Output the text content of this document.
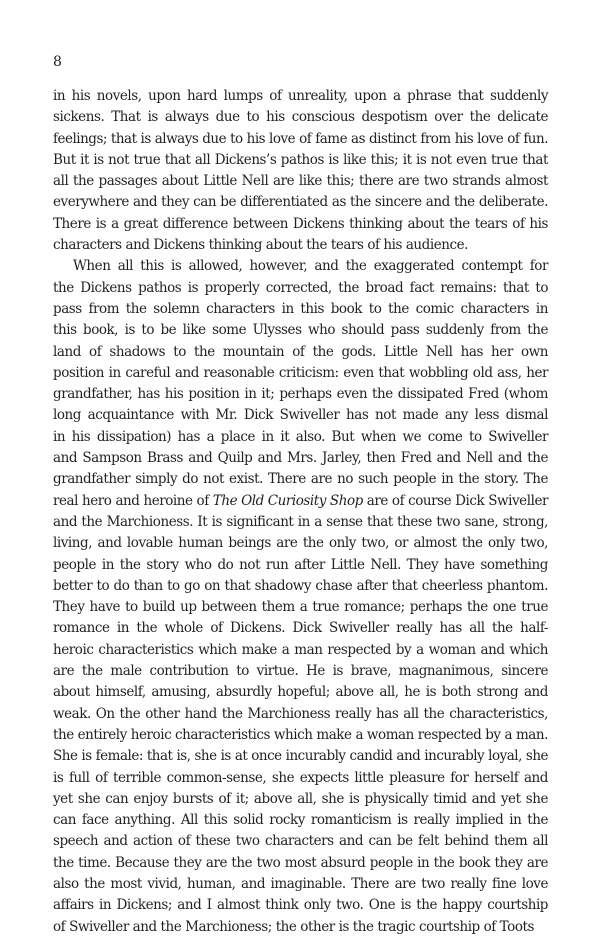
8
in his novels, upon hard lumps of unreality, upon a phrase that suddenly
sickens. That is always due to his conscious despotism over the delicate
feelings; that is always due to his love of fame as distinct from his love of fun.
But it is not true that all Dickens’s pathos is like this; it is not even true that
all the passages about Little Nell are like this; there are two strands almost
everywhere and they can be differentiated as the sincere and the deliberate.
There is a great difference between Dickens thinking about the tears of his
characters and Dickens thinking about the tears of his audience.
When all this is allowed, however, and the exaggerated contempt for
the Dickens pathos is properly corrected, the broad fact remains: that to
pass from the solemn characters in this book to the comic characters in
this book, is to be like some Ulysses who should pass suddenly from the
land of shadows to the mountain of the gods. Little Nell has her own
position in careful and reasonable criticism: even that wobbling old ass, her
grandfather, has his position in it; perhaps even the dissipated Fred (whom
long acquaintance with Mr. Dick Swiveller has not made any less dismal
in his dissipation) has a place in it also. But when we come to Swiveller
and Sampson Brass and Quilp and Mrs. Jarley, then Fred and Nell and the
grandfather simply do not exist. There are no such people in the story. The
real hero and heroine of The Old Curiosity Shop are of course Dick Swiveller
and the Marchioness. It is significant in a sense that these two sane, strong,
living, and lovable human beings are the only two, or almost the only two,
people in the story who do not run after Little Nell. They have something
better to do than to go on that shadowy chase after that cheerless phantom.
They have to build up between them a true romance; perhaps the one true
romance in the whole of Dickens. Dick Swiveller really has all the half-
heroic characteristics which make a man respected by a woman and which
are the male contribution to virtue. He is brave, magnanimous, sincere
about himself, amusing, absurdly hopeful; above all, he is both strong and
weak. On the other hand the Marchioness really has all the characteristics,
the entirely heroic characteristics which make a woman respected by a man.
She is female: that is, she is at once incurably candid and incurably loyal, she
is full of terrible common-sense, she expects little pleasure for herself and
yet she can enjoy bursts of it; above all, she is physically timid and yet she
can face anything. All this solid rocky romanticism is really implied in the
speech and action of these two characters and can be felt behind them all
the time. Because they are the two most absurd people in the book they are
also the most vivid, human, and imaginable. There are two really fine love
affairs in Dickens; and I almost think only two. One is the happy courtship
of Swiveller and the Marchioness; the other is the tragic courtship of Toots
